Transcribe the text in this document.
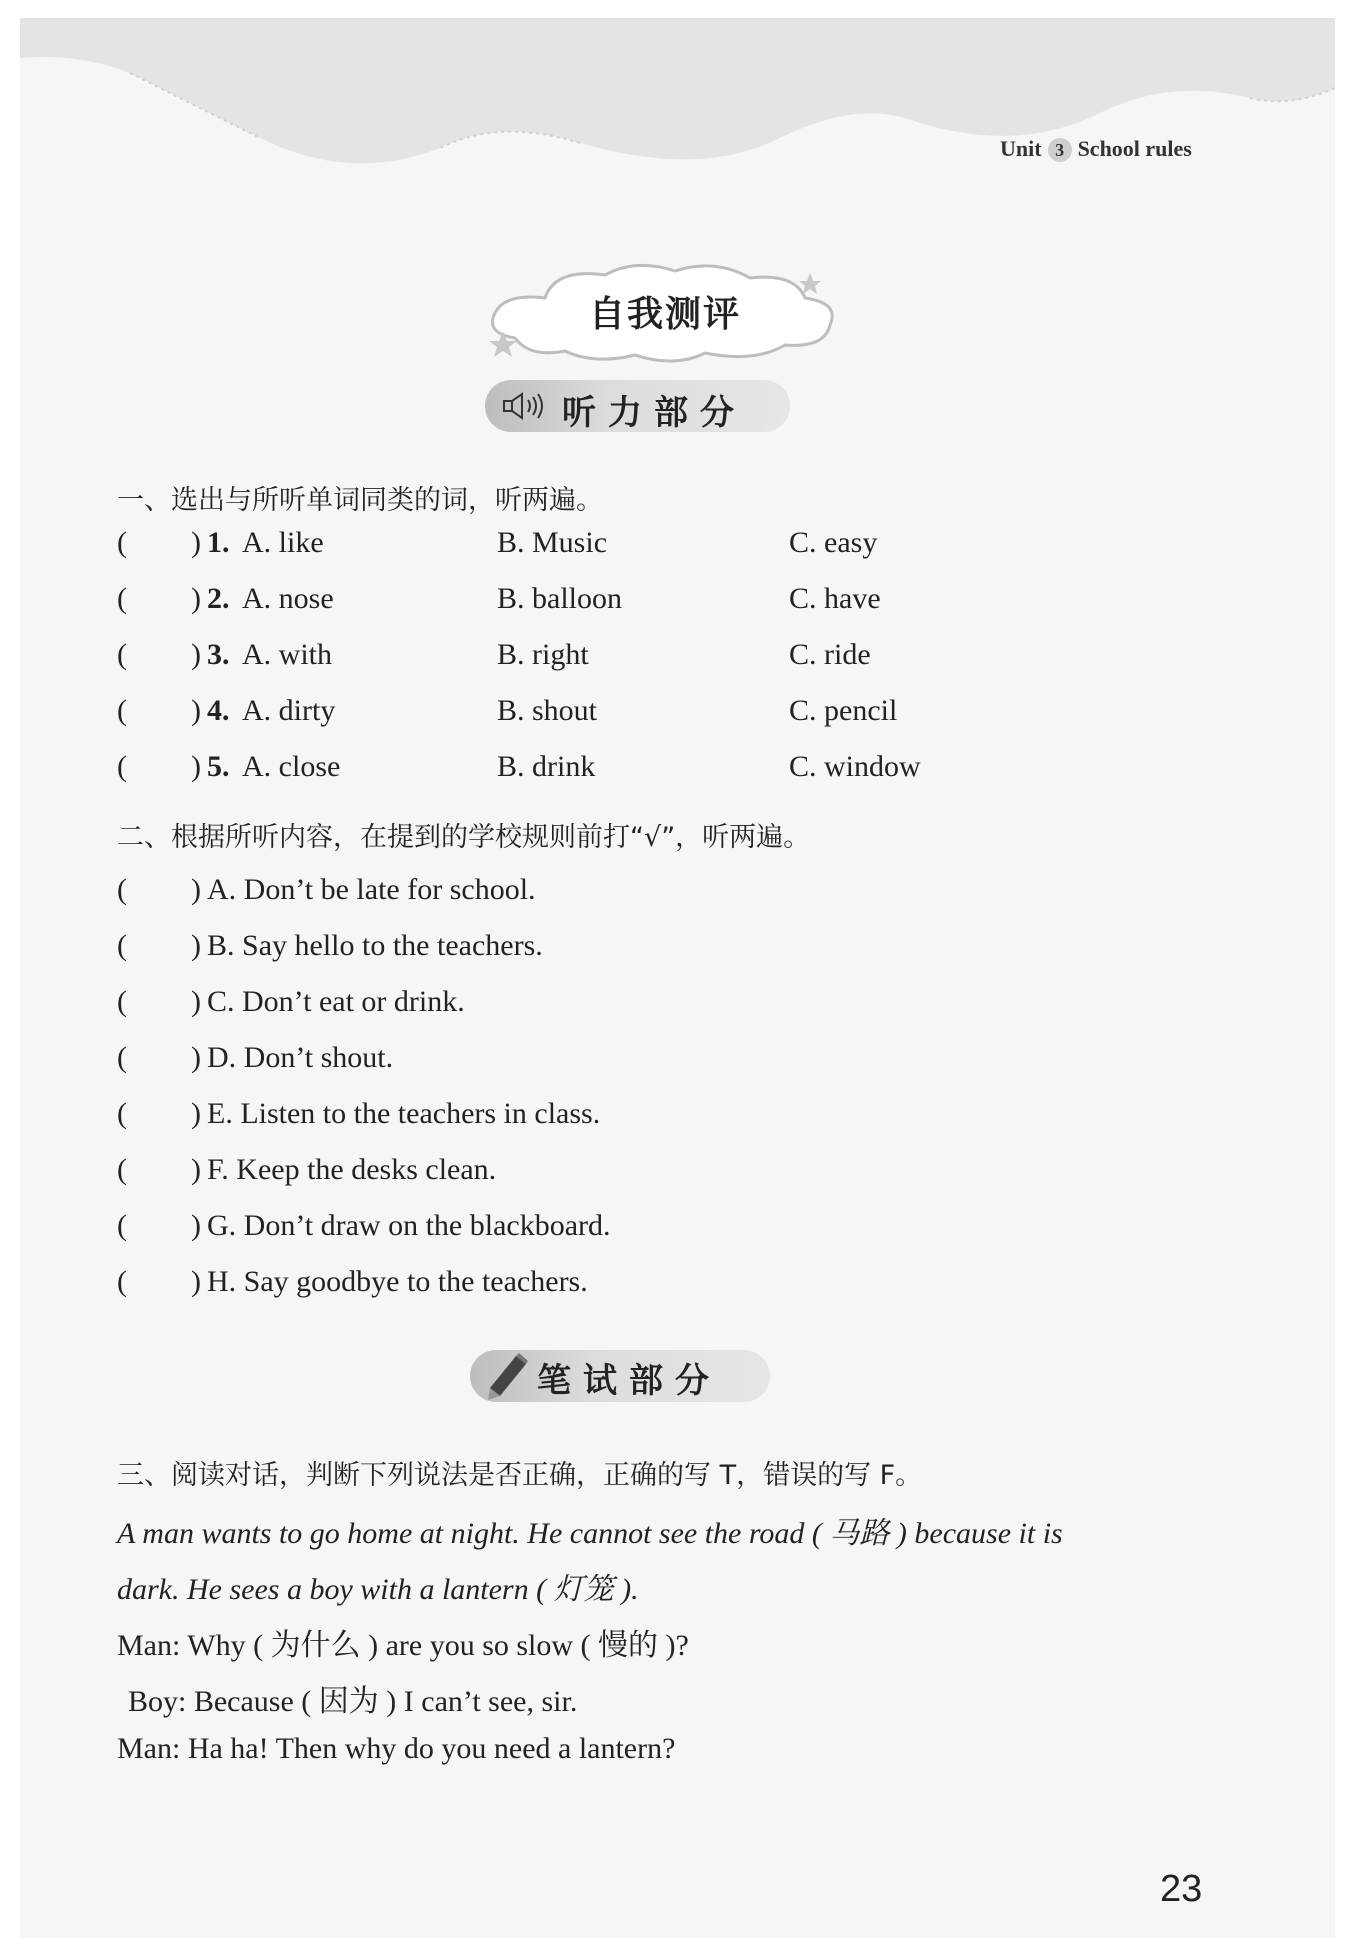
Unit 3 School rules
自我测评
听力部分
一、选出与所听单词同类的词，听两遍。
( ) 1. A. like	B. Music	C. easy
( ) 2. A. nose	B. balloon	C. have
( ) 3. A. with	B. right	C. ride
( ) 4. A. dirty	B. shout	C. pencil
( ) 5. A. close	B. drink	C. window
二、根据所听内容，在提到的学校规则前打“√”，听两遍。
( ) A. Don’t be late for school.
( ) B. Say hello to the teachers.
( ) C. Don’t eat or drink.
( ) D. Don’t shout.
( ) E. Listen to the teachers in class.
( ) F. Keep the desks clean.
( ) G. Don’t draw on the blackboard.
( ) H. Say goodbye to the teachers.
笔试部分
三、阅读对话，判断下列说法是否正确，正确的写 T，错误的写 F。
A man wants to go home at night. He cannot see the road ( 马路 ) because it is
dark. He sees a boy with a lantern ( 灯笼 ).
Man: Why ( 为什么 ) are you so slow ( 慢的 )?
Boy: Because ( 因为 ) I can’t see, sir.
Man: Ha ha! Then why do you need a lantern?
23
